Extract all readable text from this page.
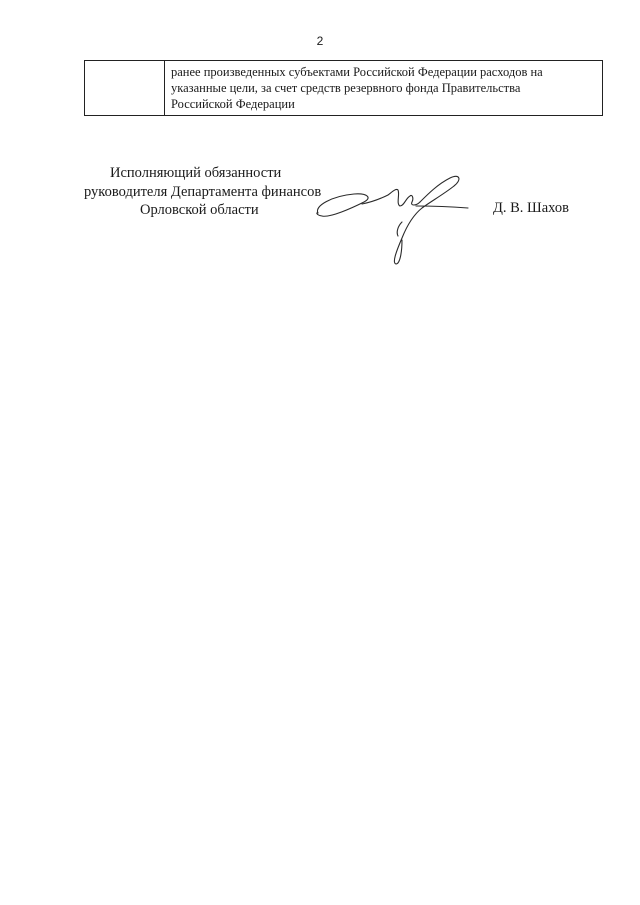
2
ранее произведенных субъектами Российской Федерации расходов на
указанные цели, за счет средств резервного фонда Правительства
Российской Федерации
Исполняющий обязанности
руководителя Департамента финансов
Орловской области	Д. В. Шахов
